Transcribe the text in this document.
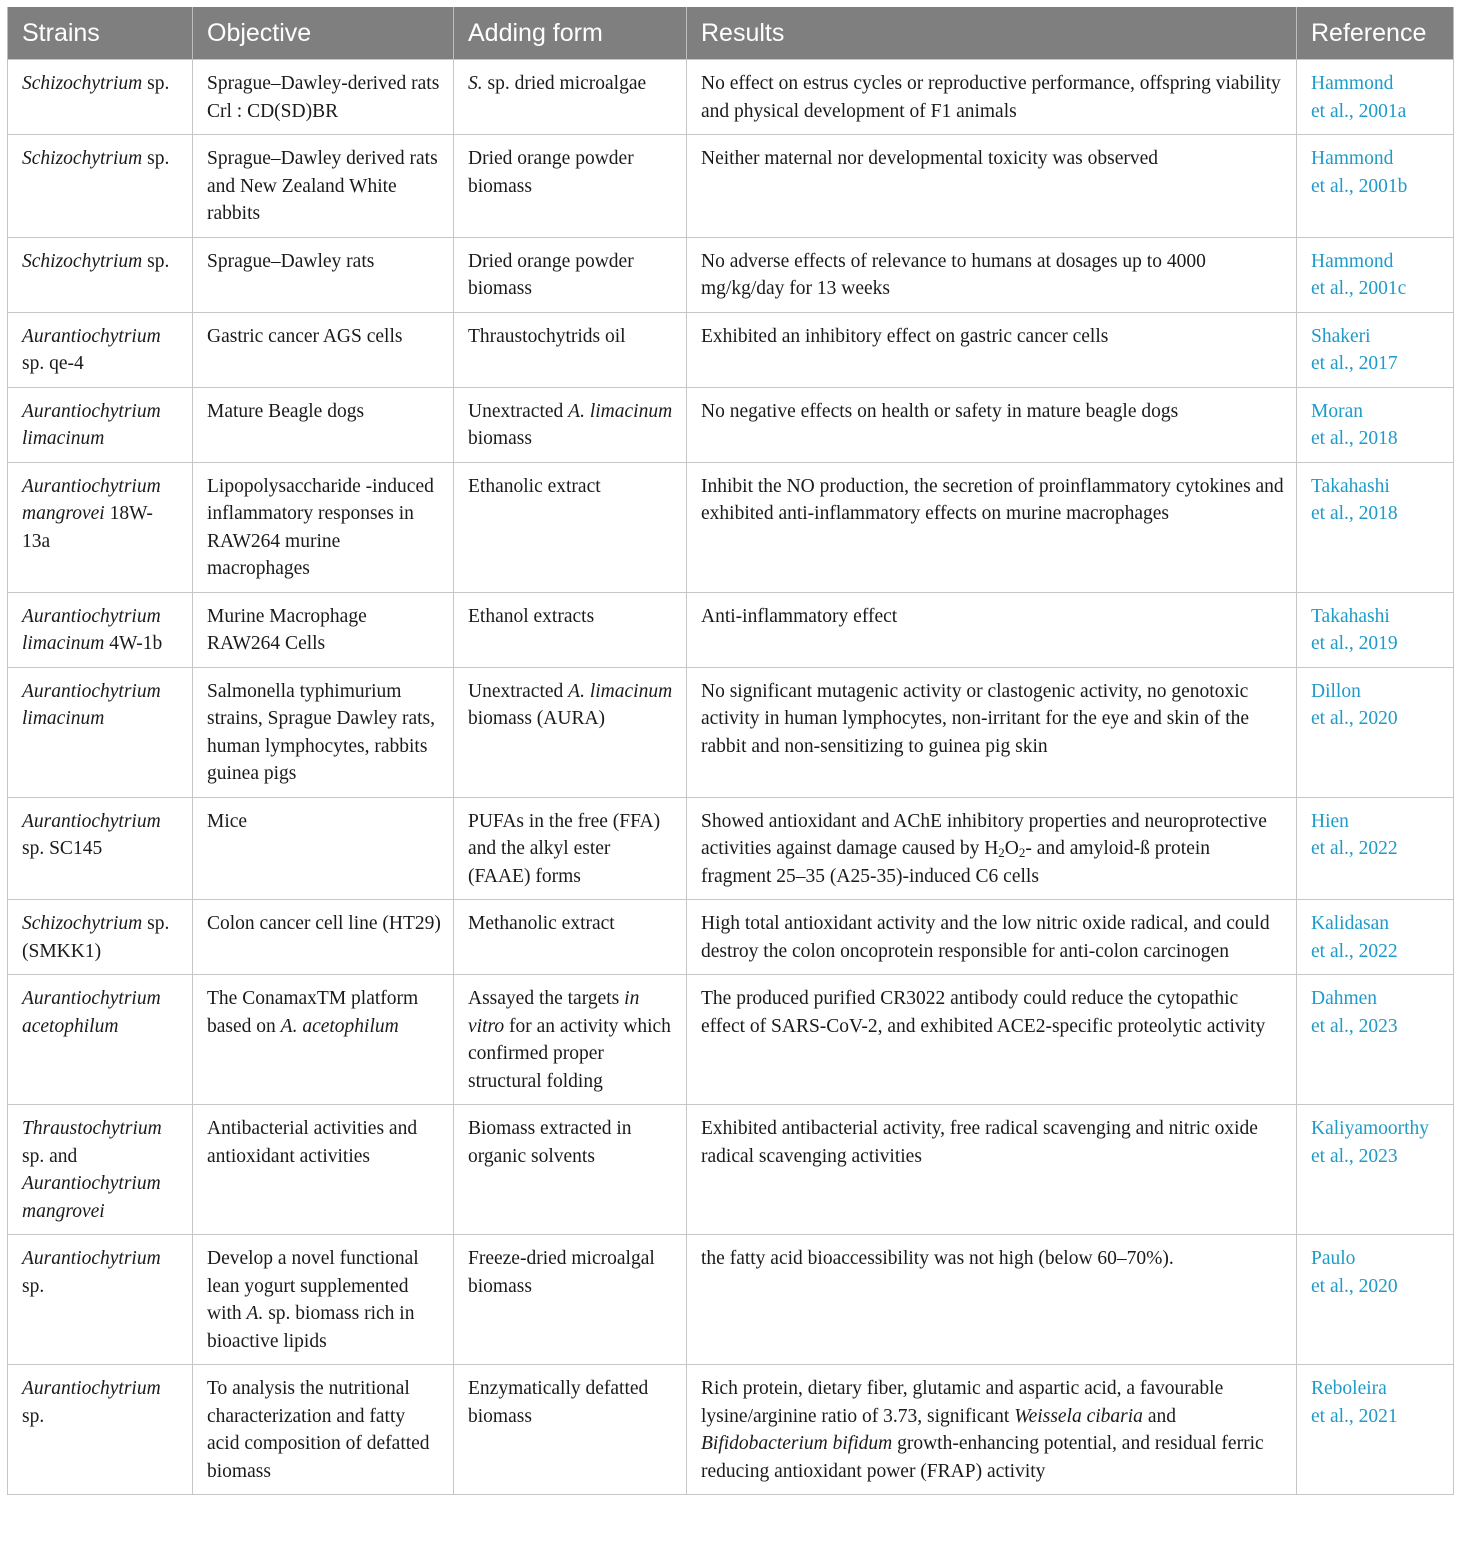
Strains	Objective	Adding form	Results	Reference
Schizochytrium sp.	Sprague–Dawley-derived rats Crl : CD(SD)BR	S. sp. dried microalgae	No effect on estrus cycles or reproductive performance, offspring viability and physical development of F1 animals	Hammond
et al., 2001a

Schizochytrium sp.	Sprague–Dawley derived rats and New Zealand White rabbits	Dried orange powder biomass	Neither maternal nor developmental toxicity was observed	Hammond
et al., 2001b

Schizochytrium sp.	Sprague–Dawley rats	Dried orange powder biomass	No adverse effects of relevance to humans at dosages up to 4000 mg/kg/day for 13 weeks	Hammond
et al., 2001c

Aurantiochytrium sp. qe-4	Gastric cancer AGS cells	Thraustochytrids oil	Exhibited an inhibitory effect on gastric cancer cells	Shakeri
et al., 2017

Aurantiochytrium limacinum	Mature Beagle dogs	Unextracted A. limacinum biomass	No negative effects on health or safety in mature beagle dogs	Moran
et al., 2018

Aurantiochytrium mangrovei 18W-13a	Lipopolysaccharide -induced inflammatory responses in RAW264 murine macrophages	Ethanolic extract	Inhibit the NO production, the secretion of proinflammatory cytokines and exhibited anti-inflammatory effects on murine macrophages	Takahashi
et al., 2018

Aurantiochytrium limacinum 4W-1b	Murine Macrophage RAW264 Cells	Ethanol extracts	Anti-inflammatory effect	Takahashi
et al., 2019

Aurantiochytrium limacinum	Salmonella typhimurium strains, Sprague Dawley rats, human lymphocytes, rabbits guinea pigs	Unextracted A. limacinum biomass (AURA)	No significant mutagenic activity or clastogenic activity, no genotoxic activity in human lymphocytes, non-irritant for the eye and skin of the rabbit and non-sensitizing to guinea pig skin	Dillon
et al., 2020

Aurantiochytrium sp. SC145	Mice	PUFAs in the free (FFA) and the alkyl ester (FAAE) forms	Showed antioxidant and AChE inhibitory properties and neuroprotective activities against damage caused by $H_2O_2-$ and amyloid-ß protein fragment 25–35 (A25-35)-induced C6 cells	Hien
et al., 2022

Schizochytrium sp. (SMKK1)	Colon cancer cell line (HT29)	Methanolic extract	High total antioxidant activity and the low nitric oxide radical, and could destroy the colon oncoprotein responsible for anti-colon carcinogen	Kalidasan
et al., 2022

Aurantiochytrium acetophilum	The ConamaxTM platform based on A. acetophilum	Assayed the targets in vitro for an activity which confirmed proper structural folding	The produced purified CR3022 antibody could reduce the cytopathic effect of SARS-CoV-2, and exhibited ACE2-specific proteolytic activity	Dahmen
et al., 2023

Thraustochytrium sp. and Aurantiochytrium mangrovei	Antibacterial activities and antioxidant activities	Biomass extracted in organic solvents	Exhibited antibacterial activity, free radical scavenging and nitric oxide radical scavenging activities	Kaliyamoorthy
et al., 2023

Aurantiochytrium sp.	Develop a novel functional lean yogurt supplemented with A. sp. biomass rich in bioactive lipids	Freeze-dried microalgal biomass	the fatty acid bioaccessibility was not high (below 60–70%).	Paulo
et al., 2020

Aurantiochytrium sp.	To analysis the nutritional characterization and fatty acid composition of defatted biomass	Enzymatically defatted biomass	Rich protein, dietary fiber, glutamic and aspartic acid, a favourable lysine/arginine ratio of 3.73, significant Weissela cibaria and Bifidobacterium bifidum growth-enhancing potential, and residual ferric reducing antioxidant power (FRAP) activity	Reboleira
et al., 2021
